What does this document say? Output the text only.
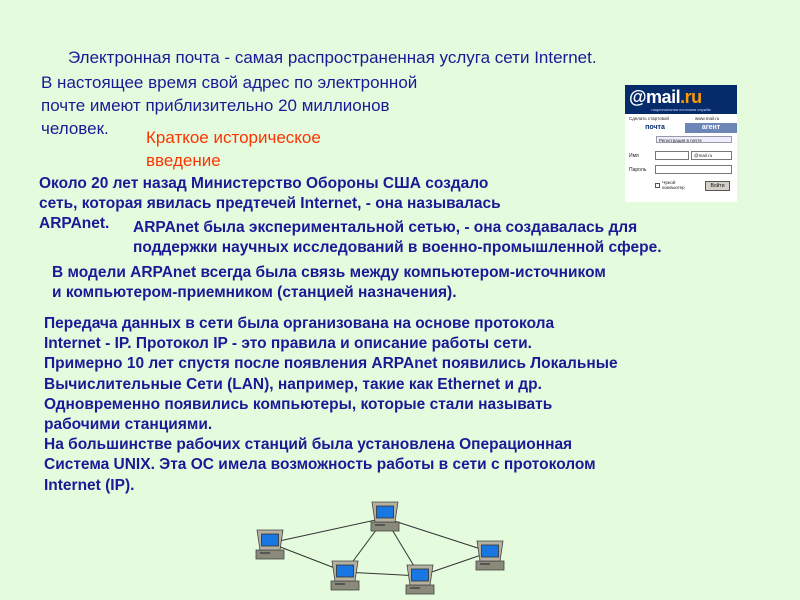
Электронная почта - самая распространенная услуга сети Internet.
В настоящее время свой адрес по электронной
почте имеют приблизительно 20 миллионов
человек.	Краткое историческое
введение
Около 20 лет назад Министерство Обороны США создало
сеть, которая явилась предтечей Internet, - она называлась
ARPAnet.	ARPAnet была экспериментальной сетью, - она создавалась для
поддержки научных исследований в военно-промышленной сфере.
В модели ARPAnet всегда была связь между компьютером-источником
и компьютером-приемником (станцией назначения).
Передача данных в сети была организована на основе протокола
Internet - IP. Протокол IP - это правила и описание работы сети.
Примерно 10 лет спустя после появления ARPAnet появились Локальные
Вычислительные Сети (LAN), например, такие как Ethernet и др.
Одновременно появились компьютеры, которые стали называть
рабочими станциями.
На большинстве рабочих станций была установлена Операционная
Система UNIX. Эта ОС имела возможность работы в сети с протоколом
Internet (IP).
@mail.ru
национальная почтовая служба
Сделать стартовой	www.mail.ru
почта	агент
Регистрация в почте
Имя	@mail.ru
Пароль
Чужой
компьютер	Войти
